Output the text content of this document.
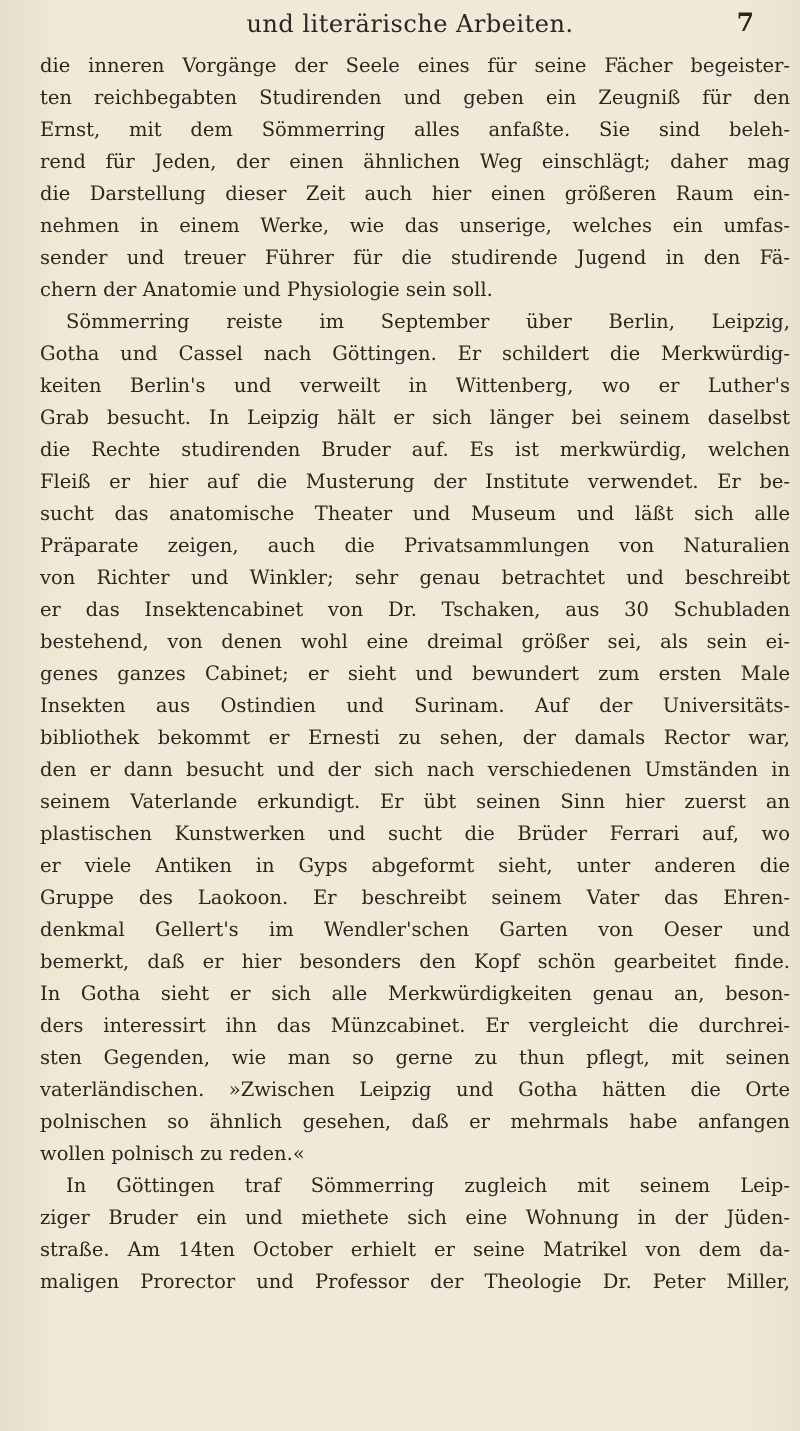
und literärische Arbeiten.	7
die inneren Vorgänge der Seele eines für seine Fächer begeister-
ten reichbegabten Studirenden und geben ein Zeugniß für den
Ernst, mit dem Sömmerring alles anfaßte. Sie sind beleh-
rend für Jeden, der einen ähnlichen Weg einschlägt; daher mag
die Darstellung dieser Zeit auch hier einen größeren Raum ein-
nehmen in einem Werke, wie das unserige, welches ein umfas-
sender und treuer Führer für die studirende Jugend in den Fä-
chern der Anatomie und Physiologie sein soll.
Sömmerring reiste im September über Berlin, Leipzig,
Gotha und Cassel nach Göttingen. Er schildert die Merkwürdig-
keiten Berlin's und verweilt in Wittenberg, wo er Luther's
Grab besucht. In Leipzig hält er sich länger bei seinem daselbst
die Rechte studirenden Bruder auf. Es ist merkwürdig, welchen
Fleiß er hier auf die Musterung der Institute verwendet. Er be-
sucht das anatomische Theater und Museum und läßt sich alle
Präparate zeigen, auch die Privatsammlungen von Naturalien
von Richter und Winkler; sehr genau betrachtet und beschreibt
er das Insektencabinet von Dr. Tschaken, aus 30 Schubladen
bestehend, von denen wohl eine dreimal größer sei, als sein ei-
genes ganzes Cabinet; er sieht und bewundert zum ersten Male
Insekten aus Ostindien und Surinam. Auf der Universitäts-
bibliothek bekommt er Ernesti zu sehen, der damals Rector war,
den er dann besucht und der sich nach verschiedenen Umständen in
seinem Vaterlande erkundigt. Er übt seinen Sinn hier zuerst an
plastischen Kunstwerken und sucht die Brüder Ferrari auf, wo
er viele Antiken in Gyps abgeformt sieht, unter anderen die
Gruppe des Laokoon. Er beschreibt seinem Vater das Ehren-
denkmal Gellert's im Wendler'schen Garten von Oeser und
bemerkt, daß er hier besonders den Kopf schön gearbeitet finde.
In Gotha sieht er sich alle Merkwürdigkeiten genau an, beson-
ders interessirt ihn das Münzcabinet. Er vergleicht die durchrei-
sten Gegenden, wie man so gerne zu thun pflegt, mit seinen
vaterländischen. »Zwischen Leipzig und Gotha hätten die Orte
polnischen so ähnlich gesehen, daß er mehrmals habe anfangen
wollen polnisch zu reden.«
In Göttingen traf Sömmerring zugleich mit seinem Leip-
ziger Bruder ein und miethete sich eine Wohnung in der Jüden-
straße. Am 14ten October erhielt er seine Matrikel von dem da-
maligen Prorector und Professor der Theologie Dr. Peter Miller,
